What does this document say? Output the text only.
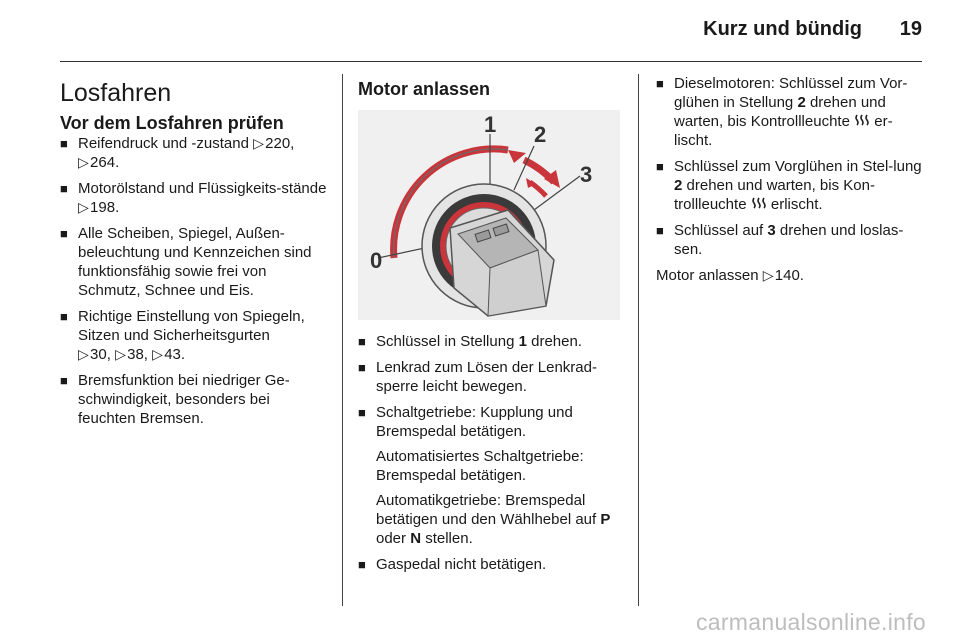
Kurz und bündig 19
Losfahren
Vor dem Losfahren prüfen
■ Reifendruck und -zustand ▷ 220,
▷ 264.
■ Motorölstand und Flüssigkeits-stände ▷ 198.
■ Alle Scheiben, Spiegel, Außen-beleuchtung und Kennzeichen sind funktionsfähig sowie frei von Schmutz, Schnee und Eis.
■ Richtige Einstellung von Spiegeln, Sitzen und Sicherheitsgurten
▷ 30, ▷ 38, ▷ 43.
■ Bremsfunktion bei niedriger Ge-schwindigkeit, besonders bei feuchten Bremsen.
Motor anlassen
0
1 2
3
■ Schlüssel in Stellung 1 drehen.
■ Lenkrad zum Lösen der Lenkrad-sperre leicht bewegen.
■ Schaltgetriebe: Kupplung und Bremspedal betätigen.

Automatisiertes Schaltgetriebe: Bremspedal betätigen.

Automatikgetriebe: Bremspedal betätigen und den Wählhebel auf P oder N stellen.

■ Gaspedal nicht betätigen.
■ Dieselmotoren: Schlüssel zum Vor-glühen in Stellung 2 drehen und warten, bis Kontrollleuchte  er-lischt.
■ Schlüssel zum Vorglühen in Stel-lung 2 drehen und warten, bis Kon-trollleuchte  erlischt.
■ Schlüssel auf 3 drehen und loslas-sen.

Motor anlassen ▷ 140.

carmanualsonline.info
